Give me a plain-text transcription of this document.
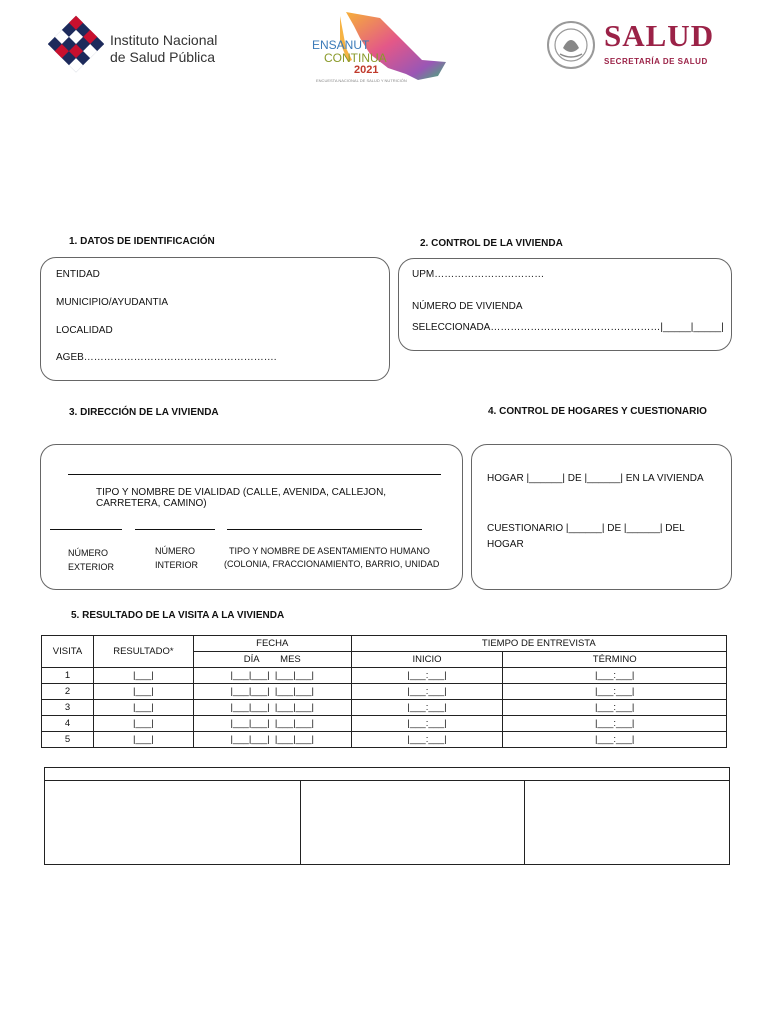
Instituto Nacional
de Salud Pública
ENSANUT
CONTINUA
2021
ENCUESTA NACIONAL DE SALUD Y NUTRICIÓN
SALUD
SECRETARÍA DE SALUD
1. DATOS DE IDENTIFICACIÓN
ENTIDAD
MUNICIPIO/AYUDANTIA
LOCALIDAD
AGEB………………………………………………….
2. CONTROL DE LA VIVIENDA
UPM……………………………
NÚMERO DE VIVIENDA
SELECCIONADA……………………………………………|_____|_____|
3. DIRECCIÓN DE LA VIVIENDA
TIPO Y NOMBRE DE VIALIDAD (CALLE, AVENIDA, CALLEJON, CARRETERA, CAMINO)
NÚMERO
EXTERIOR
NÚMERO
INTERIOR
TIPO Y NOMBRE DE ASENTAMIENTO HUMANO
(COLONIA, FRACCIONAMIENTO, BARRIO, UNIDAD
4. CONTROL DE HOGARES Y CUESTIONARIO
HOGAR |______| DE |______| EN LA VIVIENDA
CUESTIONARIO |______| DE |______| DEL
HOGAR
5. RESULTADO DE LA VISITA A LA VIVIENDA
VISITA	RESULTADO*	FECHA	TIEMPO DE ENTREVISTA	
		DÍA        MES	INICIO	TÉRMINO
1	|___|	|___|___|  |___|___|	|___:___|	|___:___|
2	|___|	|___|___|  |___|___|	|___:___|	|___:___|
3	|___|	|___|___|  |___|___|	|___:___|	|___:___|
4	|___|	|___|___|  |___|___|	|___:___|	|___:___|
5	|___|	|___|___|  |___|___|	|___:___|	|___:___|
